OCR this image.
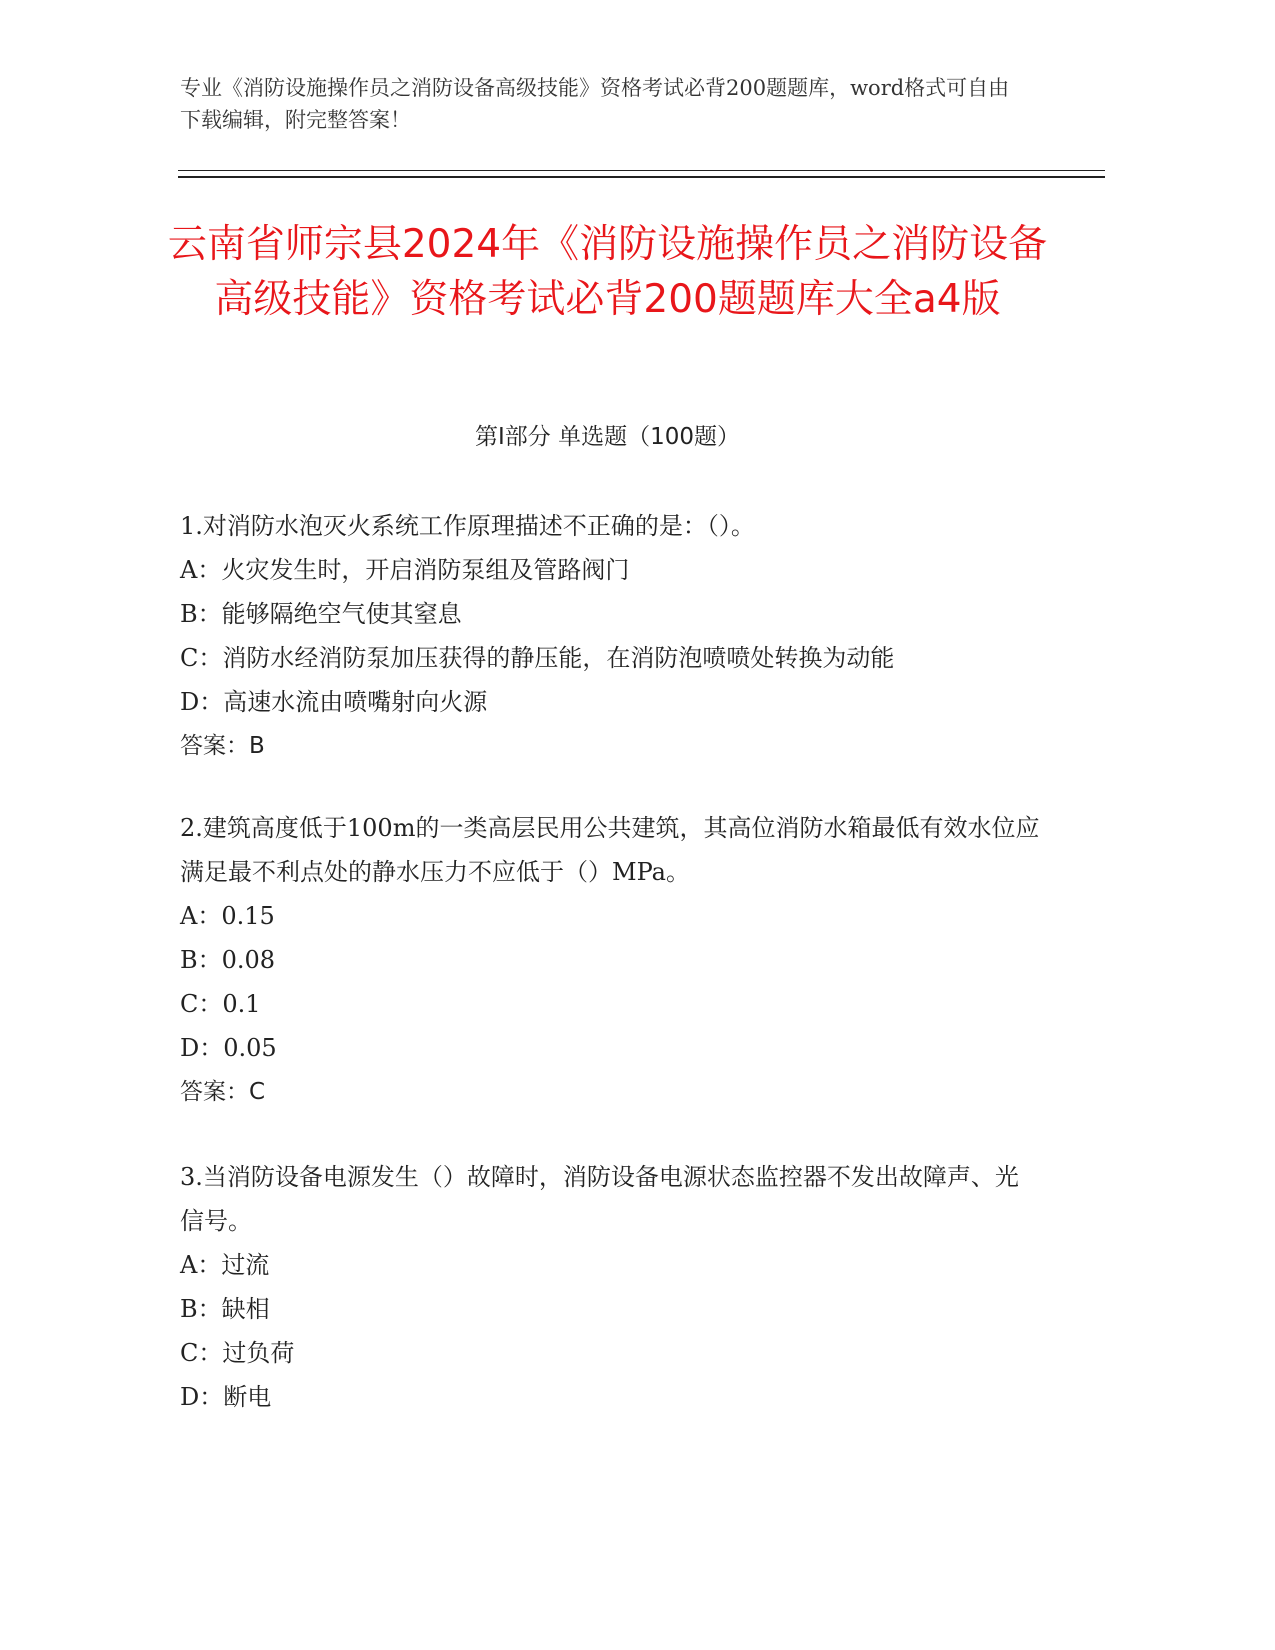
专业《消防设施操作员之消防设备高级技能》资格考试必背200题题库，word格式可自由下载编辑，附完整答案！
云南省师宗县2024年《消防设施操作员之消防设备高级技能》资格考试必背200题题库大全a4版
第Ⅰ部分 单选题（100题）

1.对消防水泡灭火系统工作原理描述不正确的是：（）。

A：火灾发生时，开启消防泵组及管路阀门

B：能够隔绝空气使其窒息

C：消防水经消防泵加压获得的静压能，在消防泡喷喷处转换为动能

D：高速水流由喷嘴射向火源

答案：B

2.建筑高度低于100m的一类高层民用公共建筑，其高位消防水箱最低有效水位应满足最不利点处的静水压力不应低于（）MPa。

A：0.15

B：0.08

C：0.1

D：0.05

答案：C

3.当消防设备电源发生（）故障时，消防设备电源状态监控器不发出故障声、光信号。

A：过流

B：缺相

C：过负荷

D：断电
